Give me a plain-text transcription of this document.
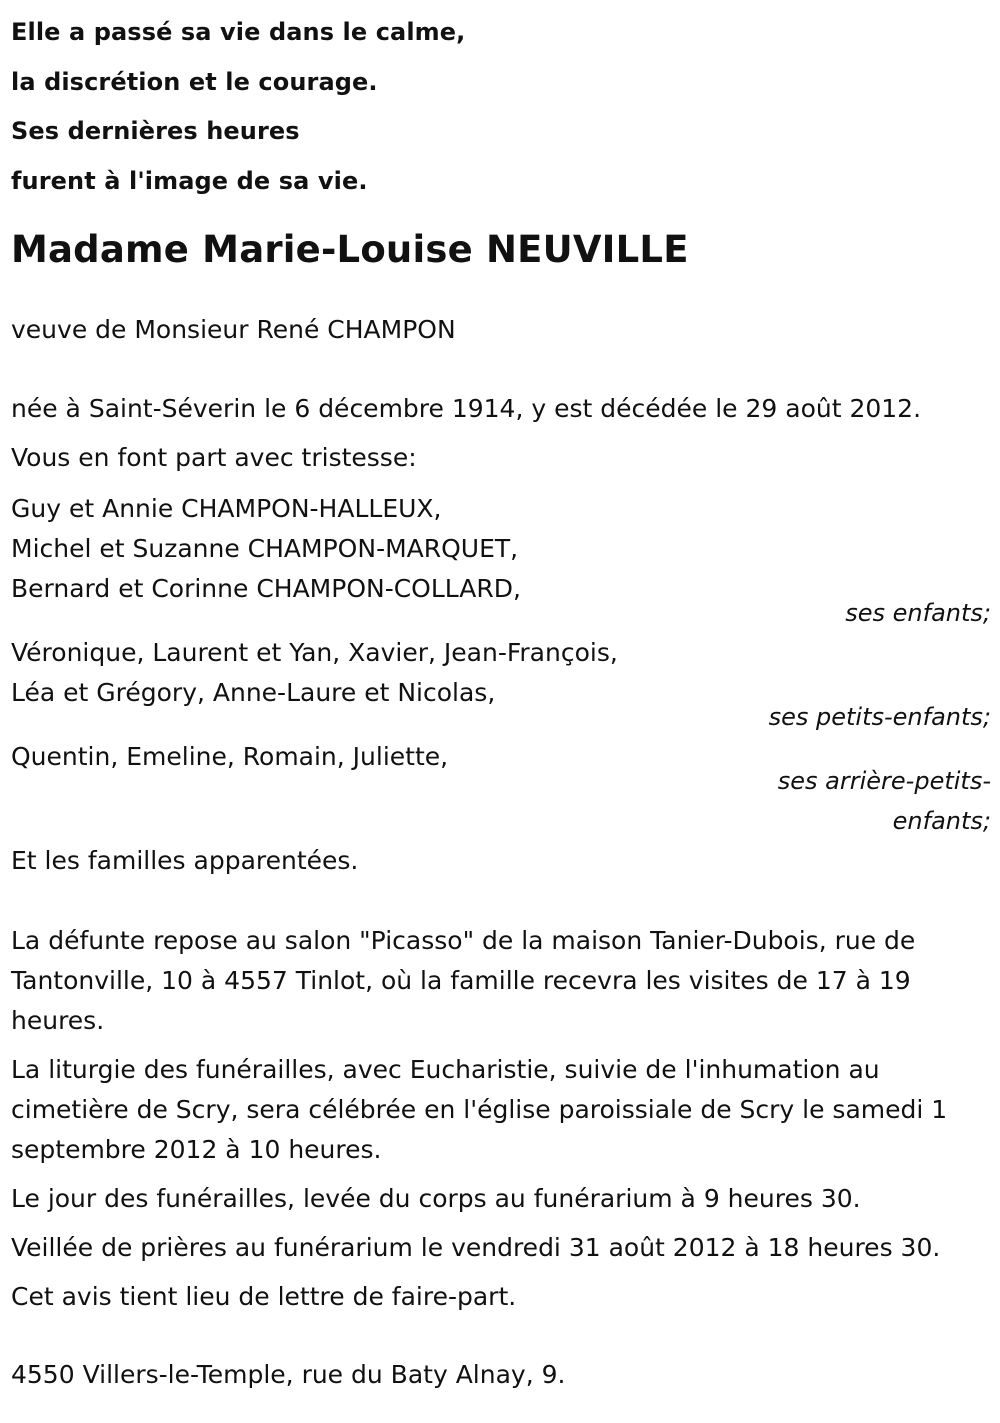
Elle a passé sa vie dans le calme,

la discrétion et le courage.

Ses dernières heures

furent à l'image de sa vie.

Madame Marie-Louise NEUVILLE

veuve de Monsieur René CHAMPON

née à Saint-Séverin le 6 décembre 1914, y est décédée le 29 août 2012.

Vous en font part avec tristesse:

Guy et Annie CHAMPON-HALLEUX,

Michel et Suzanne CHAMPON-MARQUET,

Bernard et Corinne CHAMPON-COLLARD,

ses enfants;

Véronique, Laurent et Yan, Xavier, Jean-François,

Léa et Grégory, Anne-Laure et Nicolas,

ses petits-enfants;

Quentin, Emeline, Romain, Juliette,

ses arrière-petits-

enfants;

Et les familles apparentées.

La défunte repose au salon "Picasso" de la maison Tanier-Dubois, rue de Tantonville, 10 à 4557 Tinlot, où la famille recevra les visites de 17 à 19 heures.

La liturgie des funérailles, avec Eucharistie, suivie de l'inhumation au cimetière de Scry, sera célébrée en l'église paroissiale de Scry le samedi 1 septembre 2012 à 10 heures.

Le jour des funérailles, levée du corps au funérarium à 9 heures 30.

Veillée de prières au funérarium le vendredi 31 août 2012 à 18 heures 30.

Cet avis tient lieu de lettre de faire-part.

4550 Villers-le-Temple, rue du Baty Alnay, 9.
